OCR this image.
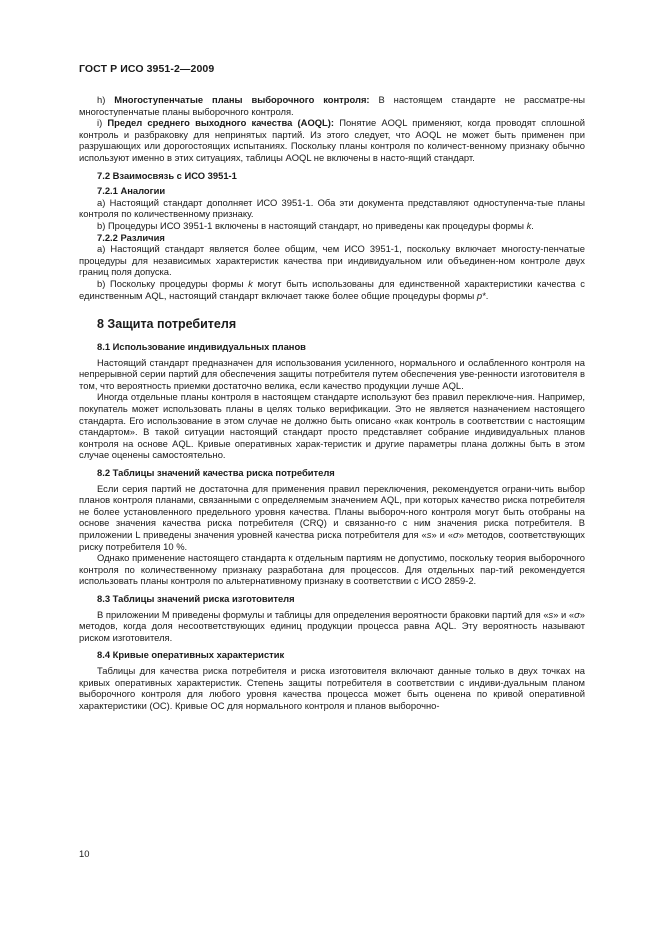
ГОСТ Р ИСО 3951-2—2009

h) Многоступенчатые планы выборочного контроля: В настоящем стандарте не рассматре-ны многоступенчатые планы выборочного контроля.

i) Предел среднего выходного качества (AOQL): Понятие AOQL применяют, когда проводят сплошной контроль и разбраковку для непринятых партий. Из этого следует, что AOQL не может быть применен при разрушающих или дорогостоящих испытаниях. Поскольку планы контроля по количест-венному признаку обычно используют именно в этих ситуациях, таблицы AOQL не включены в насто-ящий стандарт.

7.2 Взаимосвязь с ИСО 3951-1

7.2.1 Аналогии

а) Настоящий стандарт дополняет ИСО 3951-1. Оба эти документа представляют одноступенча-тые планы контроля по количественному признаку.

b) Процедуры ИСО 3951-1 включены в настоящий стандарт, но приведены как процедуры формы k.

7.2.2 Различия

а) Настоящий стандарт является более общим, чем ИСО 3951-1, поскольку включает многосту-пенчатые процедуры для независимых характеристик качества при индивидуальном или объединен-ном контроле двух границ поля допуска.

b) Поскольку процедуры формы k могут быть использованы для единственной характеристики качества с единственным AQL, настоящий стандарт включает также более общие процедуры формы p*.

8 Защита потребителя

8.1 Использование индивидуальных планов

Настоящий стандарт предназначен для использования усиленного, нормального и ослабленного контроля на непрерывной серии партий для обеспечения защиты потребителя путем обеспечения уве-ренности изготовителя в том, что вероятность приемки достаточно велика, если качество продукции лучше AQL.

Иногда отдельные планы контроля в настоящем стандарте используют без правил переключе-ния. Например, покупатель может использовать планы в целях только верификации. Это не является назначением настоящего стандарта. Его использование в этом случае не должно быть описано «как контроль в соответствии с настоящим стандартом». В такой ситуации настоящий стандарт просто представляет собрание индивидуальных планов контроля на основе AQL. Кривые оперативных харак-теристик и другие параметры плана должны быть в этом случае оценены самостоятельно.

8.2 Таблицы значений качества риска потребителя

Если серия партий не достаточна для применения правил переключения, рекомендуется ограни-чить выбор планов контроля планами, связанными с определяемым значением AQL, при которых качество риска потребителя не более установленного предельного уровня качества. Планы выбороч-ного контроля могут быть отобраны на основе значения качества риска потребителя (CRQ) и связанно-го с ним значения риска потребителя. В приложении L приведены значения уровней качества риска потребителя для «s» и «σ» методов, соответствующих риску потребителя 10 %.

Однако применение настоящего стандарта к отдельным партиям не допустимо, поскольку теория выборочного контроля по количественному признаку разработана для процессов. Для отдельных пар-тий рекомендуется использовать планы контроля по альтернативному признаку в соответствии с ИСО 2859-2.

8.3 Таблицы значений риска изготовителя

В приложении М приведены формулы и таблицы для определения вероятности браковки партий для «s» и «σ» методов, когда доля несоответствующих единиц продукции процесса равна AQL. Эту вероятность называют риском изготовителя.

8.4 Кривые оперативных характеристик

Таблицы для качества риска потребителя и риска изготовителя включают данные только в двух точках на кривых оперативных характеристик. Степень защиты потребителя в соответствии с индиви-дуальным планом выборочного контроля для любого уровня качества процесса может быть оценена по кривой оперативной характеристики (ОС). Кривые ОС для нормального контроля и планов выборочно-

10
